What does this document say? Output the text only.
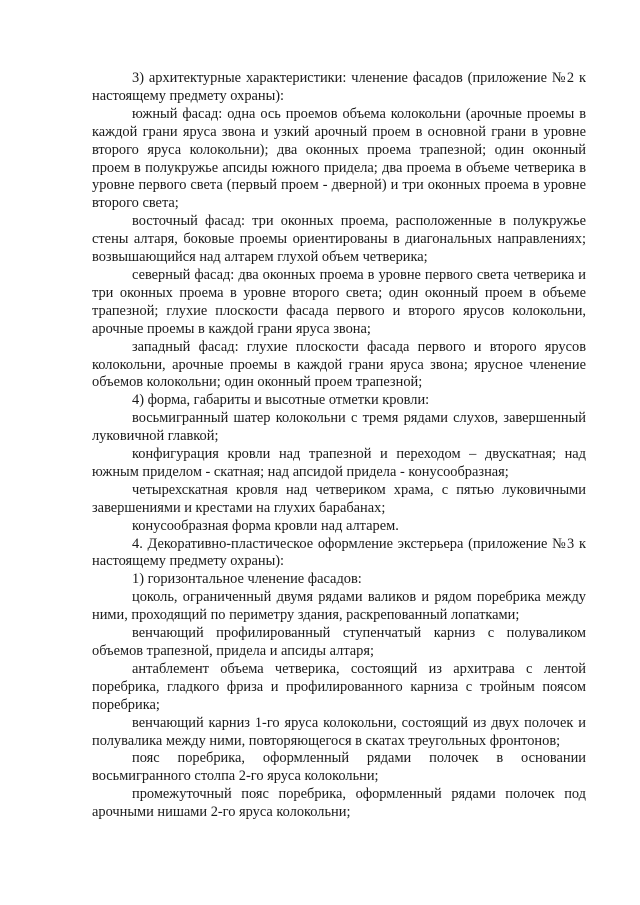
3) архитектурные характеристики: членение фасадов (приложение №2 к настоящему предмету охраны):

южный фасад: одна ось проемов объема колокольни (арочные проемы в каждой грани яруса звона и узкий арочный проем в основной грани в уровне второго яруса колокольни); два оконных проема трапезной; один оконный проем в полукружье апсиды южного придела; два проема в объеме четверика в уровне первого света (первый проем - дверной) и три оконных проема в уровне второго света;

восточный фасад: три оконных проема, расположенные в полукружье стены алтаря, боковые проемы ориентированы в диагональных направлениях; возвышающийся над алтарем глухой объем четверика;

северный фасад: два оконных проема в уровне первого света четверика и три оконных проема в уровне второго света; один оконный проем в объеме трапезной; глухие плоскости фасада первого и второго ярусов колокольни, арочные проемы в каждой грани яруса звона;

западный фасад: глухие плоскости фасада первого и второго ярусов колокольни, арочные проемы в каждой грани яруса звона; ярусное членение объемов колокольни; один оконный проем трапезной;

4) форма, габариты и высотные отметки кровли:

восьмигранный шатер колокольни с тремя рядами слухов, завершенный луковичной главкой;

конфигурация кровли над трапезной и переходом – двускатная; над южным приделом - скатная; над апсидой придела - конусообразная;

четырехскатная кровля над четвериком храма, с пятью луковичными завершениями и крестами на глухих барабанах;

конусообразная форма кровли над алтарем.

4. Декоративно-пластическое оформление экстерьера (приложение №3 к настоящему предмету охраны):

1) горизонтальное членение фасадов:

цоколь, ограниченный двумя рядами валиков и рядом поребрика между ними, проходящий по периметру здания, раскрепованный лопатками;

венчающий профилированный ступенчатый карниз с полуваликом объемов трапезной, придела и апсиды алтаря;

антаблемент объема четверика, состоящий из архитрава с лентой поребрика, гладкого фриза и профилированного карниза с тройным поясом поребрика;

венчающий карниз 1-го яруса колокольни, состоящий из двух полочек и полувалика между ними, повторяющегося в скатах треугольных фронтонов;

пояс поребрика, оформленный рядами полочек в основании восьмигранного столпа 2-го яруса колокольни;

промежуточный пояс поребрика, оформленный рядами полочек под арочными нишами 2-го яруса колокольни;
